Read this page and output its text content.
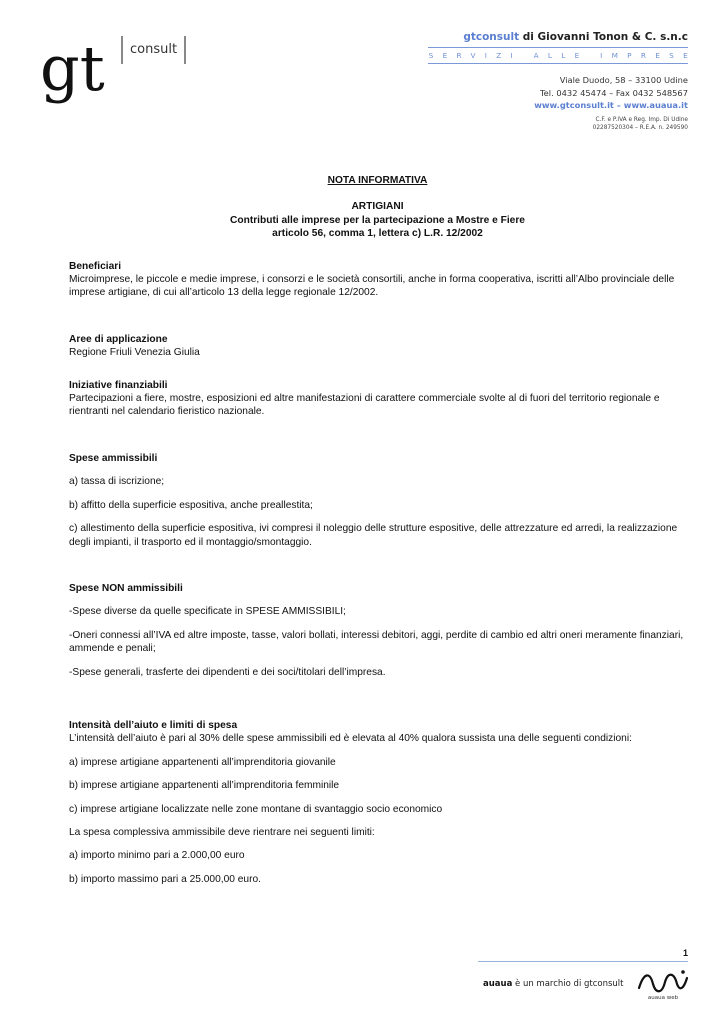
gt consult
gtconsult di Giovanni Tonon & C. s.n.c
SERVIZI ALLE IMPRESE
Viale Duodo, 58 – 33100 Udine
Tel. 0432 45474 – Fax 0432 548567
www.gtconsult.it – www.auaua.it
C.F. e P.IVA e Reg. Imp. Di Udine
02287520304 – R.E.A. n. 249590

NOTA INFORMATIVA

ARTIGIANI

Contributi alle imprese per la partecipazione a Mostre e Fiere

articolo 56, comma 1, lettera c) L.R. 12/2002

Beneficiari

Microimprese, le piccole e medie imprese, i consorzi e le società consortili, anche in forma cooperativa, iscritti all’Albo provinciale delle imprese artigiane, di cui all’articolo 13 della legge regionale 12/2002.

Aree di applicazione

Regione Friuli Venezia Giulia

Iniziative finanziabili

Partecipazioni a fiere, mostre, esposizioni ed altre manifestazioni di carattere commerciale svolte al di fuori del territorio regionale e rientranti nel calendario fieristico nazionale.

Spese ammissibili

a) tassa di iscrizione;

b) affitto della superficie espositiva, anche preallestita;

c) allestimento della superficie espositiva, ivi compresi il noleggio delle strutture espositive, delle attrezzature ed arredi, la realizzazione degli impianti, il trasporto ed il montaggio/smontaggio.

Spese NON ammissibili

-Spese diverse da quelle specificate in SPESE AMMISSIBILI;

-Oneri connessi all’IVA ed altre imposte, tasse, valori bollati, interessi debitori, aggi, perdite di cambio ed altri oneri meramente finanziari, ammende e penali;

-Spese generali, trasferte dei dipendenti e dei soci/titolari dell’impresa.

Intensità dell’aiuto e limiti di spesa

L’intensità dell’aiuto è pari al 30% delle spese ammissibili ed è elevata al 40% qualora sussista una delle seguenti condizioni:

a) imprese artigiane appartenenti all’imprenditoria giovanile

b) imprese artigiane appartenenti all’imprenditoria femminile

c) imprese artigiane localizzate nelle zone montane di svantaggio socio economico

La spesa complessiva ammissibile deve rientrare nei seguenti limiti:

a) importo minimo pari a 2.000,00 euro

b) importo massimo pari a 25.000,00 euro.

1
auaua è un marchio di gtconsult
auaua web
